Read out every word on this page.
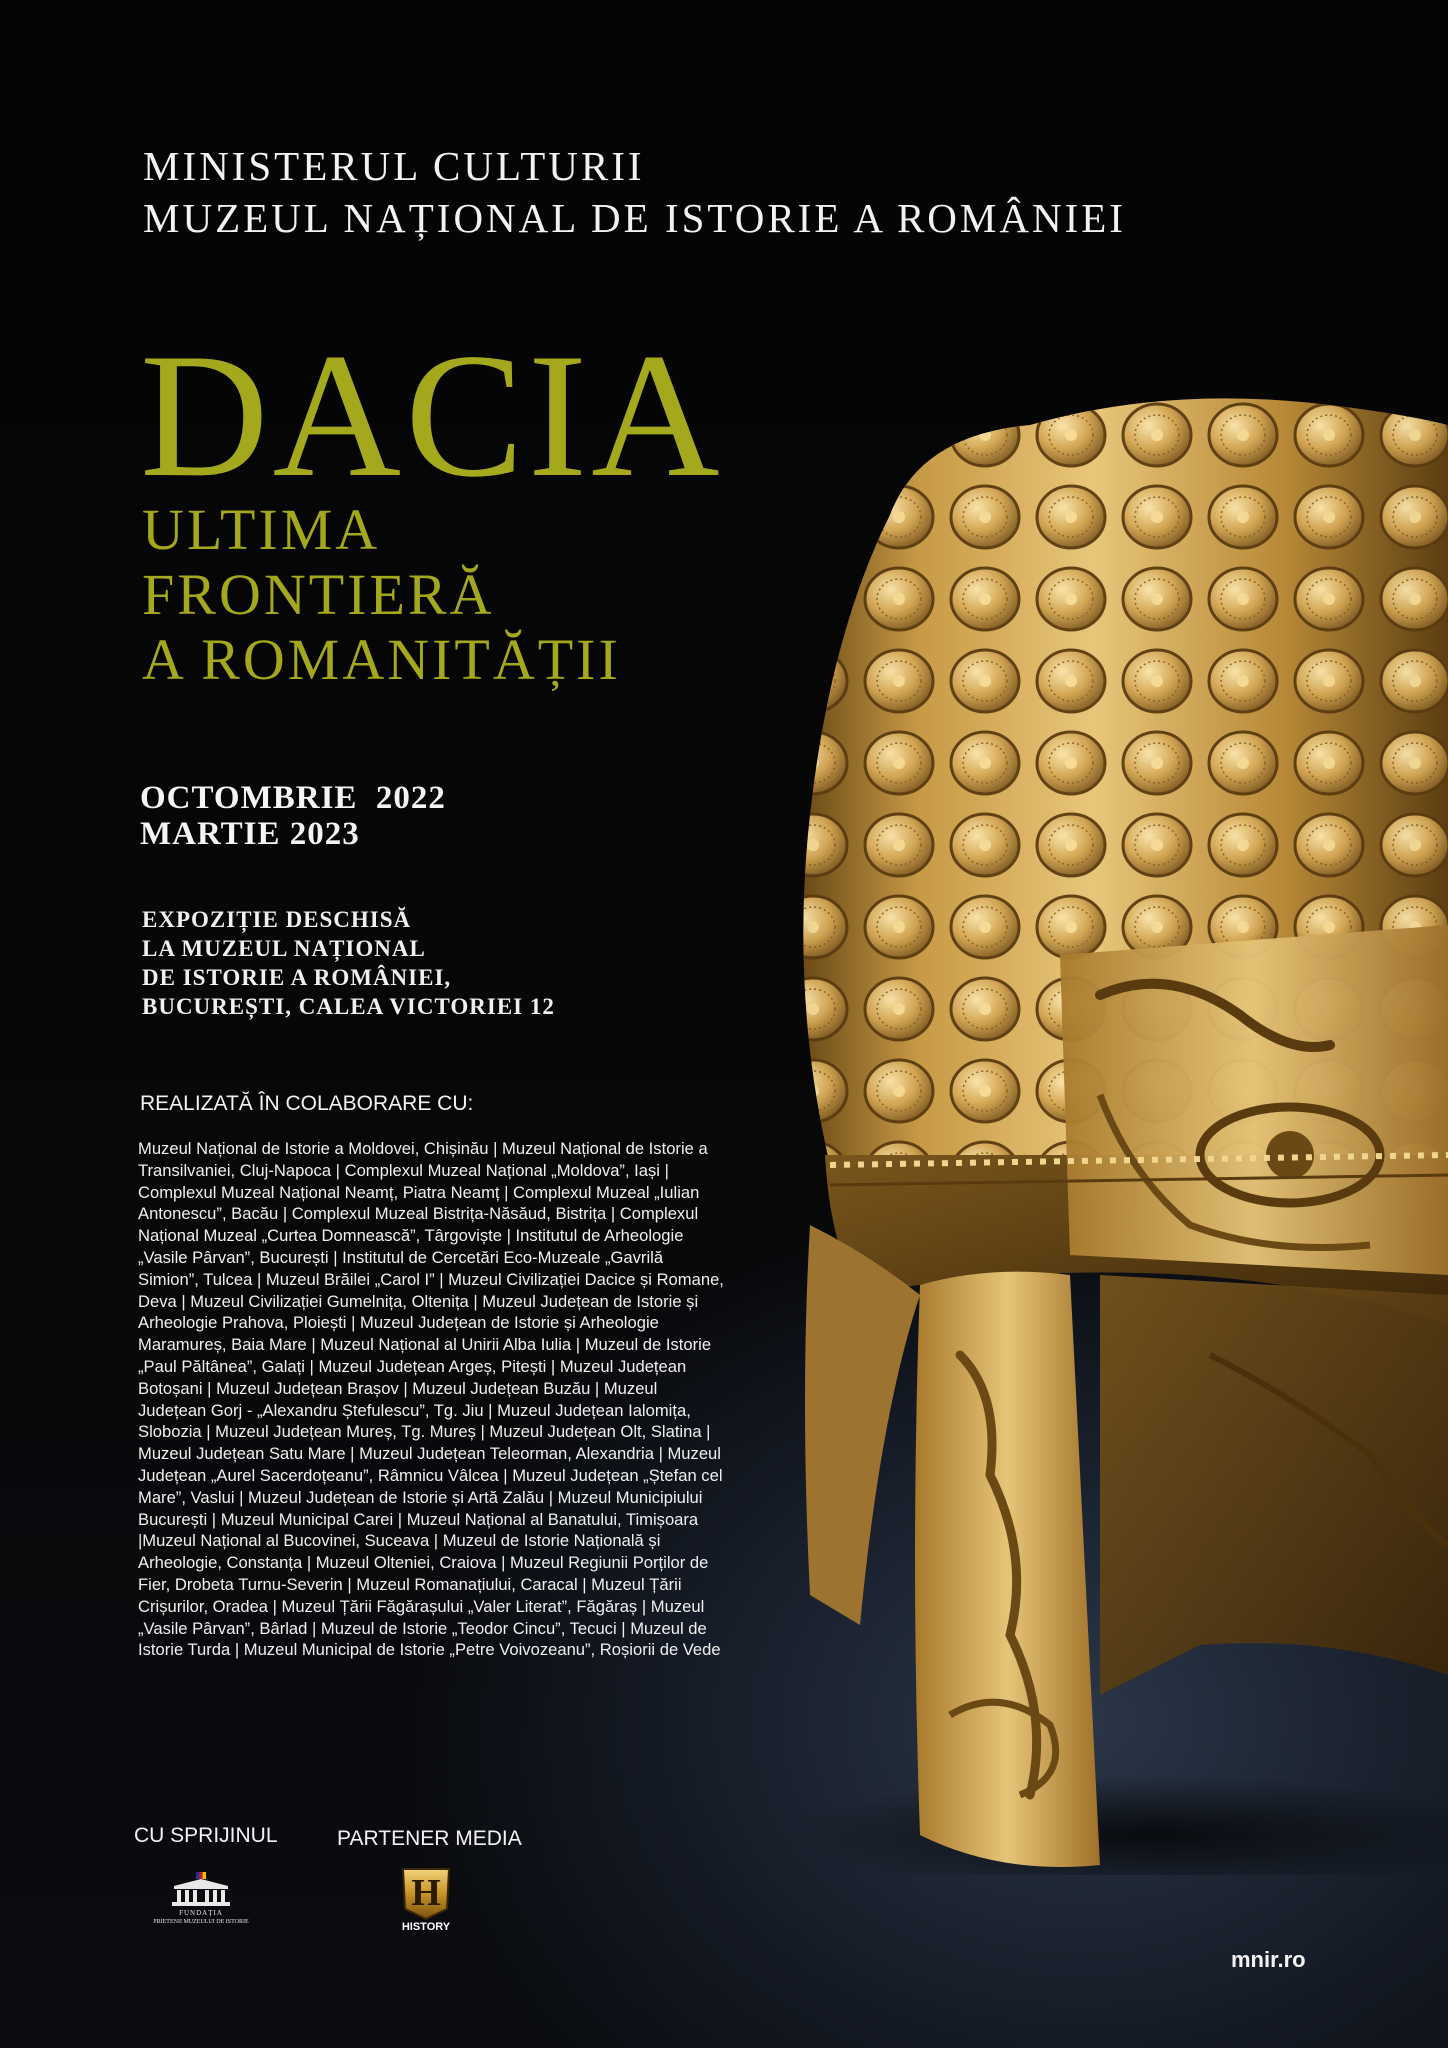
MINISTERUL CULTURII
MUZEUL NAȚIONAL DE ISTORIE A ROMÂNIEI

DACIA
ULTIMA
FRONTIERĂ
A ROMANITĂȚII
OCTOMBRIE  2022
MARTIE 2023
EXPOZIȚIE DESCHISĂ
LA MUZEUL NAȚIONAL
DE ISTORIE A ROMÂNIEI,
BUCUREȘTI, CALEA VICTORIEI 12
REALIZATĂ ÎN COLABORARE CU:

Muzeul Național de Istorie a Moldovei, Chișinău | Muzeul Național de Istorie a Transilvaniei, Cluj-Napoca | Complexul Muzeal Național „Moldova”, Iași | Complexul Muzeal Național Neamț, Piatra Neamț | Complexul Muzeal „Iulian Antonescu”, Bacău | Complexul Muzeal Bistrița-Năsăud, Bistrița | Complexul Național Muzeal „Curtea Domnească”, Târgoviște | Institutul de Arheologie „Vasile Pârvan”, București | Institutul de Cercetări Eco-Muzeale „Gavrilă Simion”, Tulcea | Muzeul Brăilei „Carol I” | Muzeul Civilizației Dacice și Romane, Deva | Muzeul Civilizației Gumelnița, Oltenița | Muzeul Județean de Istorie și Arheologie Prahova, Ploiești | Muzeul Județean de Istorie și Arheologie Maramureș, Baia Mare | Muzeul Național al Unirii Alba Iulia | Muzeul de Istorie „Paul Păltânea”, Galați | Muzeul Județean Argeș, Pitești | Muzeul Județean Botoșani | Muzeul Județean Brașov | Muzeul Județean Buzău | Muzeul Județean Gorj - „Alexandru Ștefulescu”, Tg. Jiu | Muzeul Județean Ialomița, Slobozia | Muzeul Județean Mureș, Tg. Mureș | Muzeul Județean Olt, Slatina | Muzeul Județean Satu Mare | Muzeul Județean Teleorman, Alexandria | Muzeul Județean „Aurel Sacerdoțeanu”, Râmnicu Vâlcea | Muzeul Județean „Ștefan cel Mare”, Vaslui | Muzeul Județean de Istorie și Artă Zalău | Muzeul Municipiului București | Muzeul Municipal Carei | Muzeul Național al Banatului, Timișoara |Muzeul Național al Bucovinei, Suceava | Muzeul de Istorie Națională și Arheologie, Constanța | Muzeul Olteniei, Craiova | Muzeul Regiunii Porților de Fier, Drobeta Turnu-Severin | Muzeul Romanațiului, Caracal | Muzeul Țării Crișurilor, Oradea | Muzeul Țării Făgărașului „Valer Literat”, Făgăraș | Muzeul „Vasile Pârvan”, Bârlad | Muzeul de Istorie „Teodor Cincu”, Tecuci | Muzeul de Istorie Turda | Muzeul Municipal de Istorie „Petre Voivozeanu”, Roșiorii de Vede

CU SPRIJINUL	PARTENER MEDIA
FUNDAȚIA
PRIETENII MUZEULUI DE ISTORIE
H
HISTORY
mnir.ro
